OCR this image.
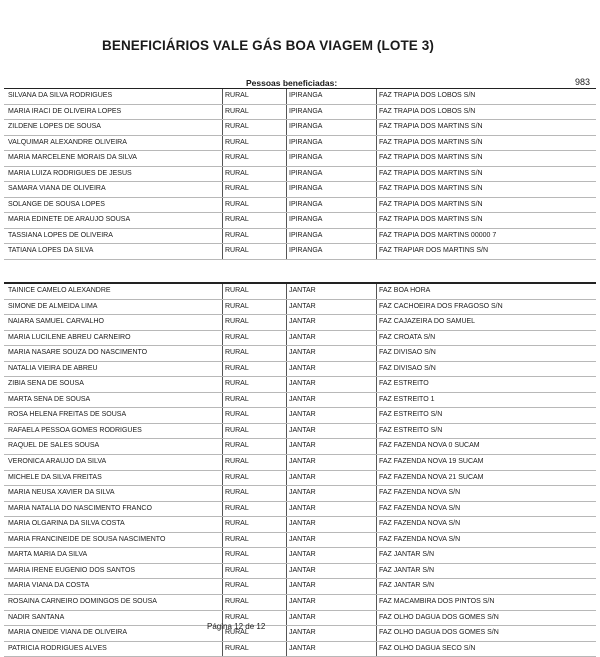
BENEFICIÁRIOS VALE GÁS BOA VIAGEM (LOTE 3)
Pessoas beneficiadas:	983
SILVANA DA SILVA RODRIGUES	RURAL	IPIRANGA	FAZ TRAPIA DOS LOBOS S/N
MARIA IRACI DE OLIVEIRA LOPES	RURAL	IPIRANGA	FAZ TRAPIA DOS LOBOS S/N
ZILDENE LOPES DE SOUSA	RURAL	IPIRANGA	FAZ TRAPIA DOS MARTINS S/N
VALQUIMAR ALEXANDRE OLIVEIRA	RURAL	IPIRANGA	FAZ TRAPIA DOS MARTINS S/N
MARIA MARCELENE MORAIS DA SILVA	RURAL	IPIRANGA	FAZ TRAPIA DOS MARTINS S/N
MARIA LUIZA RODRIGUES DE JESUS	RURAL	IPIRANGA	FAZ TRAPIA DOS MARTINS S/N
SAMARA VIANA DE OLIVEIRA	RURAL	IPIRANGA	FAZ TRAPIA DOS MARTINS S/N
SOLANGE DE SOUSA LOPES	RURAL	IPIRANGA	FAZ TRAPIA DOS MARTINS S/N
MARIA EDINETE DE ARAUJO SOUSA	RURAL	IPIRANGA	FAZ TRAPIA DOS MARTINS S/N
TASSIANA LOPES DE OLIVEIRA	RURAL	IPIRANGA	FAZ TRAPIA DOS MARTINS 00000 7
TATIANA LOPES DA SILVA	RURAL	IPIRANGA	FAZ TRAPIAR DOS MARTINS S/N
TAINICE CAMELO ALEXANDRE	RURAL	JANTAR	FAZ BOA HORA
SIMONE DE ALMEIDA LIMA	RURAL	JANTAR	FAZ CACHOEIRA DOS FRAGOSO S/N
NAIARA SAMUEL CARVALHO	RURAL	JANTAR	FAZ CAJAZEIRA DO SAMUEL
MARIA LUCILENE ABREU CARNEIRO	RURAL	JANTAR	FAZ CROATA S/N
MARIA NASARE SOUZA DO NASCIMENTO	RURAL	JANTAR	FAZ DIVISAO S/N
NATALIA VIEIRA DE ABREU	RURAL	JANTAR	FAZ DIVISAO S/N
ZIBIA SENA DE SOUSA	RURAL	JANTAR	FAZ ESTREITO
MARTA SENA DE SOUSA	RURAL	JANTAR	FAZ ESTREITO 1
ROSA HELENA FREITAS DE SOUSA	RURAL	JANTAR	FAZ ESTREITO S/N
RAFAELA PESSOA GOMES RODRIGUES	RURAL	JANTAR	FAZ ESTREITO S/N
RAQUEL DE SALES SOUSA	RURAL	JANTAR	FAZ FAZENDA NOVA 0 SUCAM
VERONICA ARAUJO DA SILVA	RURAL	JANTAR	FAZ FAZENDA NOVA 19 SUCAM
MICHELE DA SILVA FREITAS	RURAL	JANTAR	FAZ FAZENDA NOVA 21 SUCAM
MARIA NEUSA XAVIER DA SILVA	RURAL	JANTAR	FAZ FAZENDA NOVA S/N
MARIA NATALIA DO NASCIMENTO FRANCO	RURAL	JANTAR	FAZ FAZENDA NOVA S/N
MARIA OLGARINA DA SILVA COSTA	RURAL	JANTAR	FAZ FAZENDA NOVA S/N
MARIA FRANCINEIDE DE SOUSA NASCIMENTO	RURAL	JANTAR	FAZ FAZENDA NOVA S/N
MARTA MARIA DA SILVA	RURAL	JANTAR	FAZ JANTAR S/N
MARIA IRENE EUGENIO DOS SANTOS	RURAL	JANTAR	FAZ JANTAR S/N
MARIA VIANA DA COSTA	RURAL	JANTAR	FAZ JANTAR S/N
ROSAINA CARNEIRO DOMINGOS DE SOUSA	RURAL	JANTAR	FAZ MACAMBIRA DOS PINTOS S/N
NADIR SANTANA	RURAL	JANTAR	FAZ OLHO DAGUA DOS GOMES S/N
MARIA ONEIDE VIANA DE OLIVEIRA	RURAL	JANTAR	FAZ OLHO DAGUA DOS GOMES S/N
PATRICIA RODRIGUES ALVES	RURAL	JANTAR	FAZ OLHO DAGUA SECO S/N
Página 12 de 12
